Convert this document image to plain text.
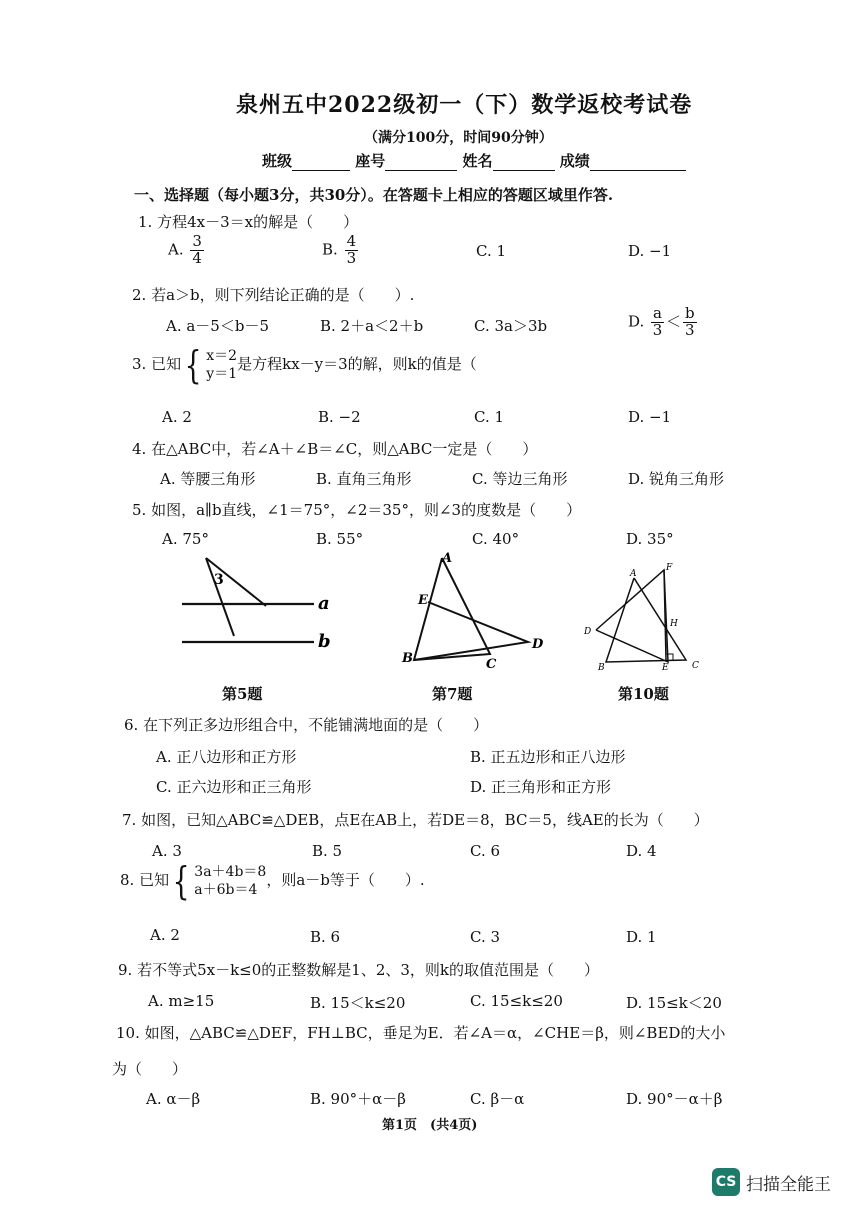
泉州五中2022级初一（下）数学返校考试卷
（满分100分，时间90分钟）
班级	座号	姓名	成绩
一、选择题（每小题3分，共30分）。在答题卡上相应的答题区域里作答.
1. 方程4x－3＝x的解是（　　）
A. $\frac{3}{4}$	B. $\frac{4}{3}$	C. 1	D. −1
2. 若a＞b，则下列结论正确的是（　　）.
A. a－5＜b－5	B. 2＋a＜2＋b	C. 3a＞3b	D. $\frac{a}{3} < \frac{b}{3}$
3. 已知 { x＝2
y＝1
是方程kx－y＝3的解，则k的值是（
A. 2	B. −2	C. 1	D. −1
4. 在△ABC中，若∠A＋∠B＝∠C，则△ABC一定是（　　）
A. 等腰三角形	B. 直角三角形	C. 等边三角形	D. 锐角三角形
5. 如图，a∥b直线，∠1＝75°，∠2＝35°，则∠3的度数是（　　）
A. 75°	B. 55°	C. 40°	D. 35°
3
a
b
第5题
A
E
B	C
D
第7题
A
F
D
H
B	E	C
第10题
6. 在下列正多边形组合中，不能铺满地面的是（　　）
A. 正八边形和正方形	B. 正五边形和正八边形
C. 正六边形和正三角形	D. 正三角形和正方形
7. 如图，已知△ABC≌△DEB，点E在AB上，若DE＝8，BC＝5，线AE的长为（　　）
A. 3	B. 5	C. 6	D. 4
8. 已知 { 3a＋4b＝8
a＋6b＝4
，则a－b等于（　　）.
A. 2	B. 6	C. 3	D. 1
9. 若不等式5x－k≤0的正整数解是1、2、3，则k的取值范围是（　　）
A. m≥15	B. 15＜k≤20	C. 15≤k≤20	D. 15≤k＜20
10. 如图，△ABC≌△DEF，FH⊥BC，垂足为E．若∠A＝α，∠CHE＝β，则∠BED的大小
为（　　）
A. α－β	B. 90°＋α－β	C. β－α	D. 90°－α＋β
第1页　(共4页)
CS 扫描全能王
